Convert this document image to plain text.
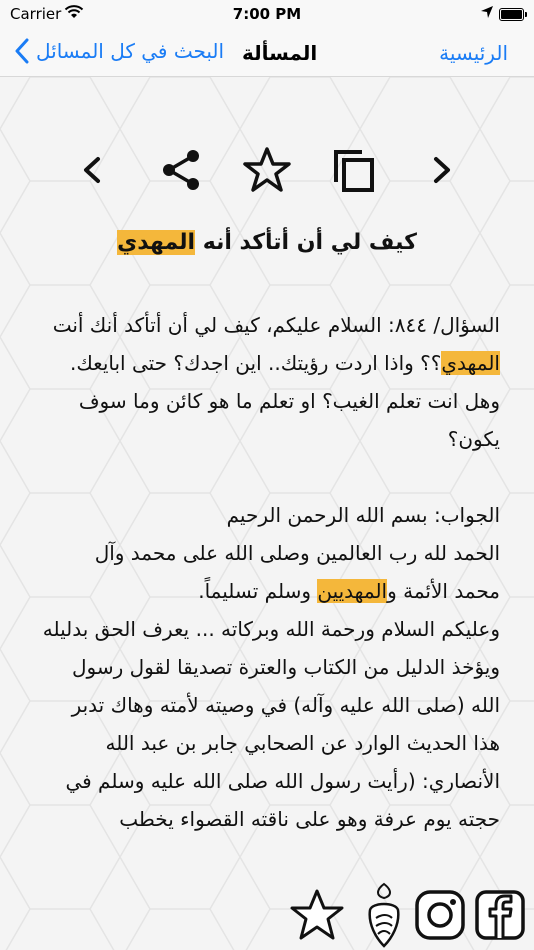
Carrier	7:00 PM
البحث في كل المسائل المسألة	الرئيسية
كيف لي أن أتأكد أنه المهدي

السؤال/ ٨٤٤: السلام عليكم، كيف لي أن أتأكد أنك أنت

المهدي؟؟ واذا اردت رؤيتك.. اين اجدك؟ حتى ابايعك.

وهل انت تعلم الغيب؟ او تعلم ما هو كائن وما سوف

يكون؟

الجواب: بسم الله الرحمن الرحيم

الحمد لله رب العالمين وصلى الله على محمد وآل

محمد الأئمة والمهديين وسلم تسليماً.

وعليكم السلام ورحمة الله وبركاته ... يعرف الحق بدليله

ويؤخذ الدليل من الكتاب والعترة تصديقا لقول رسول

الله (صلى الله عليه وآله) في وصيته لأمته وهاك تدبر

هذا الحديث الوارد عن الصحابي جابر بن عبد الله

الأنصاري: (رأيت رسول الله صلى الله عليه وسلم في

حجته يوم عرفة وهو على ناقته القصواء يخطب
